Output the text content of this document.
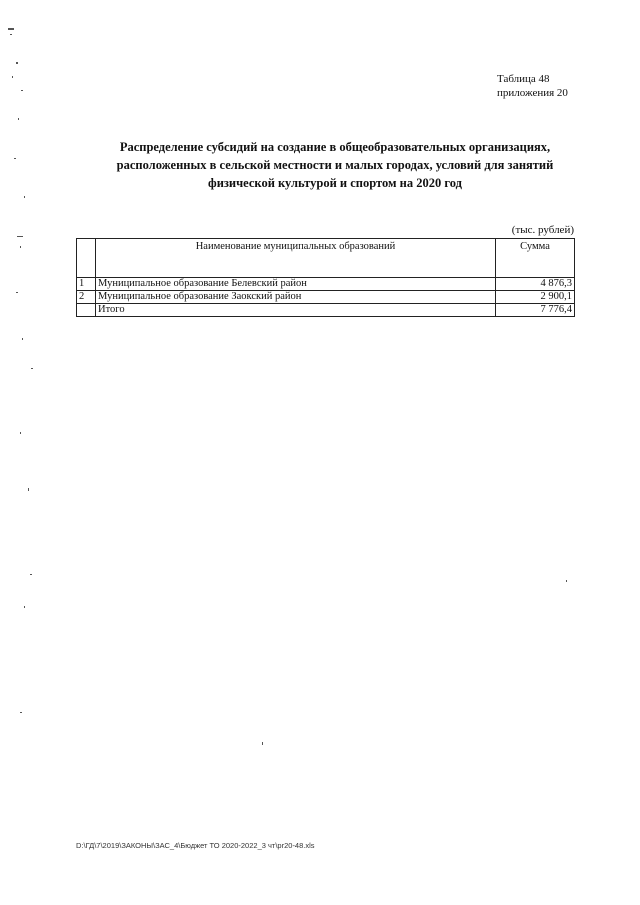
Таблица 48
приложения 20
Распределение субсидий на создание в общеобразовательных организациях,
расположенных в сельской местности и малых городах, условий для занятий
физической культурой и спортом на 2020 год
(тыс. рублей)
	Наименование муниципальных образований	Сумма
1	Муниципальное образование Белевский район	4 876,3
2	Муниципальное образование Заокский район	2 900,1
	Итого	7 776,4
D:\ГД\7\2019\ЗАКОНЫ\ЗАС_4\Бюджет ТО 2020-2022_3 чт\pr20-48.xls
